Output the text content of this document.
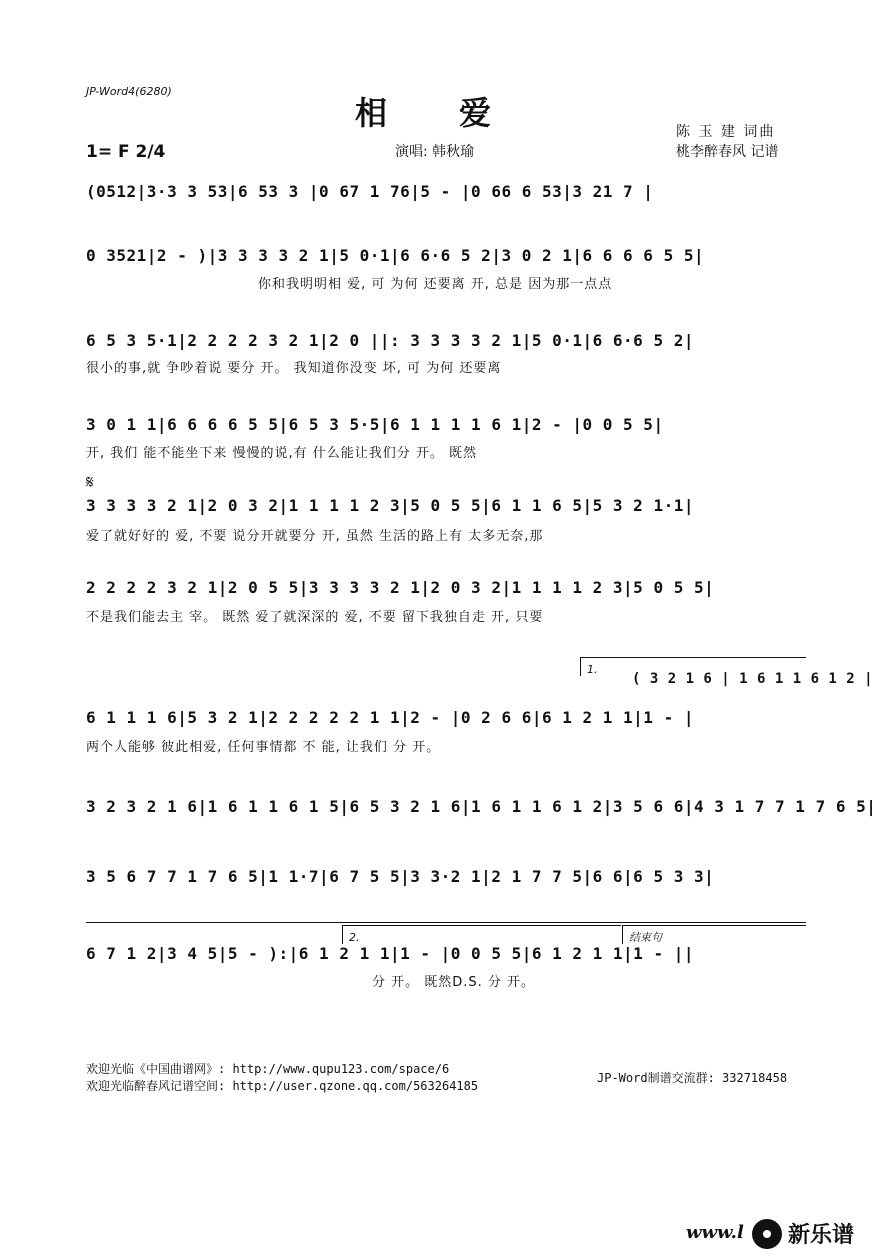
JP-Word4(6280)
相爱	陈 玉 建 词曲
1= F 2/4	演唱: 韩秋瑜	桃李醉春风 记谱
(0512|3·3 3 53|6 53 3 |0 67 1 76|5 - |0 66 6 53|3 21 7 |
0 3521|2 - )|3 3 3 3 2 1|5 0·1|6 6·6 5 2|3 0 2 1|6 6 6 6 5 5|
你和我明明相 爱, 可 为何 还要离 开, 总是 因为那一点点
6 5 3 5·1|2 2 2 2 3 2 1|2 0 ||: 3 3 3 3 2 1|5 0·1|6 6·6 5 2|
很小的事,就 争吵着说 要分 开。 我知道你没变 坏, 可 为何 还要离
3 0 1 1|6 6 6 6 5 5|6 5 3 5·5|6 1 1 1 1 6 1|2 - |0 0 5 5|
开, 我们 能不能坐下来 慢慢的说,有 什么能让我们分 开。 既然
𝄋
3 3 3 3 2 1|2 0 3 2|1 1 1 1 2 3|5 0 5 5|6 1 1 6 5|5 3 2 1·1|
爱了就好好的 爱, 不要 说分开就要分 开, 虽然 生活的路上有 太多无奈,那
2 2 2 2 3 2 1|2 0 5 5|3 3 3 3 2 1|2 0 3 2|1 1 1 1 2 3|5 0 5 5|
不是我们能去主 宰。 既然 爱了就深深的 爱, 不要 留下我独自走 开, 只要
1.
( 3 2 1 6 | 1 6 1 1 6 1 2 |
6 1 1 1 6|5 3 2 1|2 2 2 2 2 1 1|2 - |0 2 6 6|6 1 2 1 1|1 - |
两个人能够 彼此相爱, 任何事情都 不 能, 让我们 分 开。
3 2 3 2 1 6|1 6 1 1 6 1 5|6 5 3 2 1 6|1 6 1 1 6 1 2|3 5 6 6|4 3 1 7 7 1 7 6 5|
3 5 6 7 7 1 7 6 5|1 1·7|6 7 5 5|3 3·2 1|2 1 7 7 5|6 6|6 5 3 3|
2.	结束句
6 7 1 2|3 4 5|5 - ):|6 1 2 1 1|1 - |0 0 5 5|6 1 2 1 1|1 - ||
分 开。 既然D.S. 分 开。
欢迎光临《中国曲谱网》: http://www.qupu123.com/space/6
欢迎光临醉春风记谱空间: http://user.qzone.qq.com/563264185
JP-Word制谱交流群: 332718458
www.l 新乐谱
